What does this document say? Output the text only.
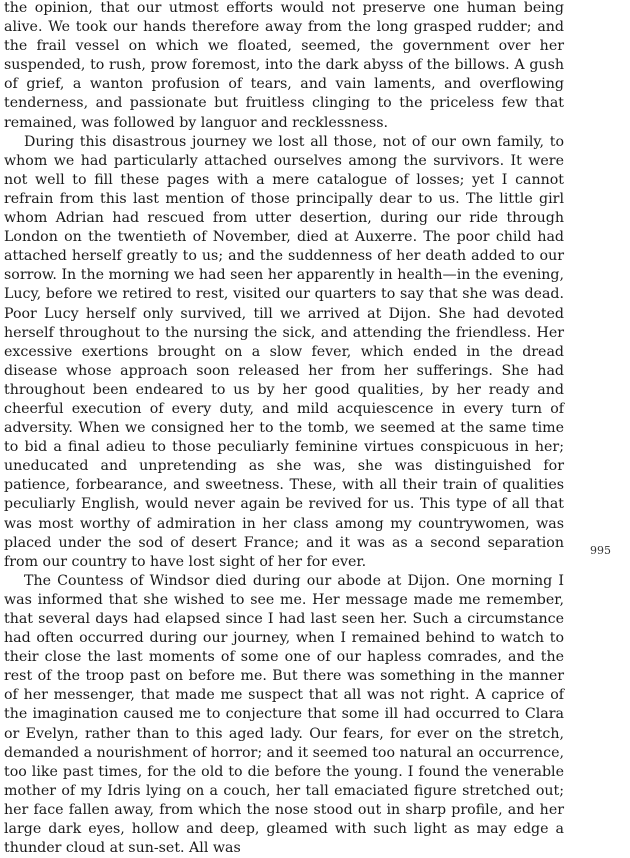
the opinion, that our utmost efforts would not preserve one human being alive. We took our hands therefore away from the long grasped rudder; and the frail vessel on which we floated, seemed, the government over her suspended, to rush, prow foremost, into the dark abyss of the billows. A gush of grief, a wanton profusion of tears, and vain laments, and overflowing tenderness, and passionate but fruitless clinging to the priceless few that remained, was followed by languor and recklessness.

During this disastrous journey we lost all those, not of our own family, to whom we had particularly attached ourselves among the survivors. It were not well to fill these pages with a mere catalogue of losses; yet I cannot refrain from this last mention of those principally dear to us. The little girl whom Adrian had rescued from utter desertion, during our ride through London on the twentieth of November, died at Auxerre. The poor child had attached herself greatly to us; and the suddenness of her death added to our sorrow. In the morning we had seen her apparently in health—in the evening, Lucy, before we retired to rest, visited our quarters to say that she was dead. Poor Lucy herself only survived, till we arrived at Dijon. She had devoted herself throughout to the nursing the sick, and attending the friendless. Her excessive exertions brought on a slow fever, which ended in the dread disease whose approach soon released her from her sufferings. She had throughout been endeared to us by her good qualities, by her ready and cheerful execution of every duty, and mild acquiescence in every turn of adversity. When we consigned her to the tomb, we seemed at the same time to bid a final adieu to those peculiarly feminine virtues conspicuous in her; uneducated and unpretending as she was, she was distinguished for patience, forbearance, and sweetness. These, with all their train of qualities peculiarly English, would never again be revived for us. This type of all that was most worthy of admiration in her class among my countrywomen, was placed under the sod of desert France; and it was as a second separation from our country to have lost sight of her for ever.

The Countess of Windsor died during our abode at Dijon. One morning I was informed that she wished to see me. Her message made me remember, that several days had elapsed since I had last seen her. Such a circumstance had often occurred during our journey, when I remained behind to watch to their close the last moments of some one of our hapless comrades, and the rest of the troop past on before me. But there was something in the manner of her messenger, that made me suspect that all was not right. A caprice of the imagination caused me to conjecture that some ill had occurred to Clara or Evelyn, rather than to this aged lady. Our fears, for ever on the stretch, demanded a nourishment of horror; and it seemed too natural an occurrence, too like past times, for the old to die before the young. I found the venerable mother of my Idris lying on a couch, her tall emaciated figure stretched out; her face fallen away, from which the nose stood out in sharp profile, and her large dark eyes, hollow and deep, gleamed with such light as may edge a thunder cloud at sun-set. All was

995
